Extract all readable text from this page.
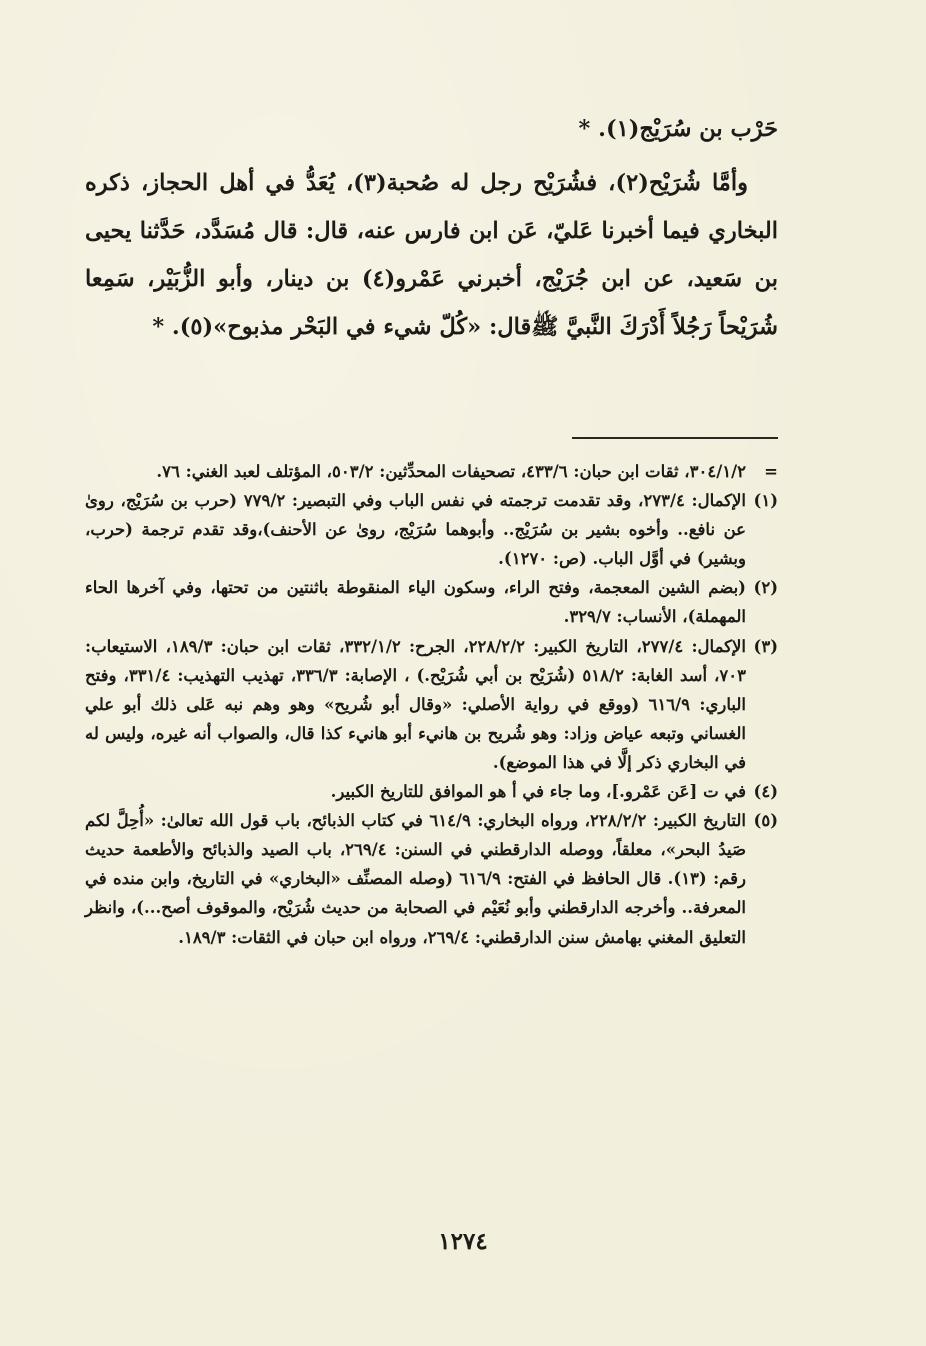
حَرْب بن سُرَيْج(١). *

وأمَّا شُرَيْح(٢)، فشُرَيْح رجل له صُحبة(٣)، يُعَدُّ في أهل الحجاز، ذكره البخاري فيما أخبرنا عَليّ، عَن ابن فارس عنه، قال: قال مُسَدَّد، حَدَّثنا يحيى بن سَعيد، عن ابن جُرَيْج، أخبرني عَمْرو(٤) بن دينار، وأبو الزُّبَيْر، سَمِعا شُرَيْحاً رَجُلاً أَدْرَكَ النَّبيَّ ﷺقال: «كُلّ شيء في البَحْر مذبوح»(٥). *

=
٣٠٤/١/٢، ثقات ابن حبان: ٤٣٣/٦، تصحيفات المحدِّثين: ٥٠٣/٢، المؤتلف لعبد الغني: ٧٦.
(١)
الإكمال: ٢٧٣/٤، وقد تقدمت ترجمته في نفس الباب وفي التبصير: ٧٧٩/٢ (حرب بن سُرَيْج، روىٰ عن نافع.. وأخوه بشير بن سُرَيْج.. وأبوهما سُرَيْج، روىٰ عن الأحنف)،وقد تقدم ترجمة (حرب، وبشير) في أوَّل الباب. (ص: ١٢٧٠).
(٢)
(بضم الشين المعجمة، وفتح الراء، وسكون الياء المنقوطة باثنتين من تحتها، وفي آخرها الحاء المهملة)، الأنساب: ٣٢٩/٧.
(٣)
الإكمال: ٢٧٧/٤، التاريخ الكبير: ٢٢٨/٢/٢، الجرح: ٣٣٢/١/٢، ثقات ابن حبان: ١٨٩/٣، الاستيعاب: ٧٠٣، أسد الغابة: ٥١٨/٢ (شُرَيْح بن أبي شُرَيْح.) ، الإصابة: ٣٣٦/٣، تهذيب التهذيب: ٣٣١/٤، وفتح الباري: ٦١٦/٩ (ووقع في رواية الأصلي: «وقال أبو شُريح» وهو وهم نبه عَلى ذلك أبو علي الغساني وتبعه عياض وزاد: وهو شُريح بن هانيء أبو هانيء كذا قال، والصواب أنه غيره، وليس له في البخاري ذكر إلَّا في هذا الموضع).
(٤)
في ت [عَن عَمْرو.]، وما جاء في أ هو الموافق للتاريخ الكبير.
(٥)
التاريخ الكبير: ٢٢٨/٢/٢، ورواه البخاري: ٦١٤/٩ في كتاب الذبائح، باب قول الله تعالىٰ: «أُحِلَّ لكم صَيدُ البحر»، معلقاً، ووصله الدارقطني في السنن: ٢٦٩/٤، باب الصيد والذبائح والأطعمة حديث رقم: (١٣). قال الحافظ في الفتح: ٦١٦/٩ (وصله المصنِّف «البخاري» في التاريخ، وابن منده في المعرفة.. وأخرجه الدارقطني وأبو نُعَيْم في الصحابة من حديث شُرَيْح، والموقوف أصح...)، وانظر التعليق المغني بهامش سنن الدارقطني: ٢٦٩/٤، ورواه ابن حبان في الثقات: ١٨٩/٣.
١٢٧٤
